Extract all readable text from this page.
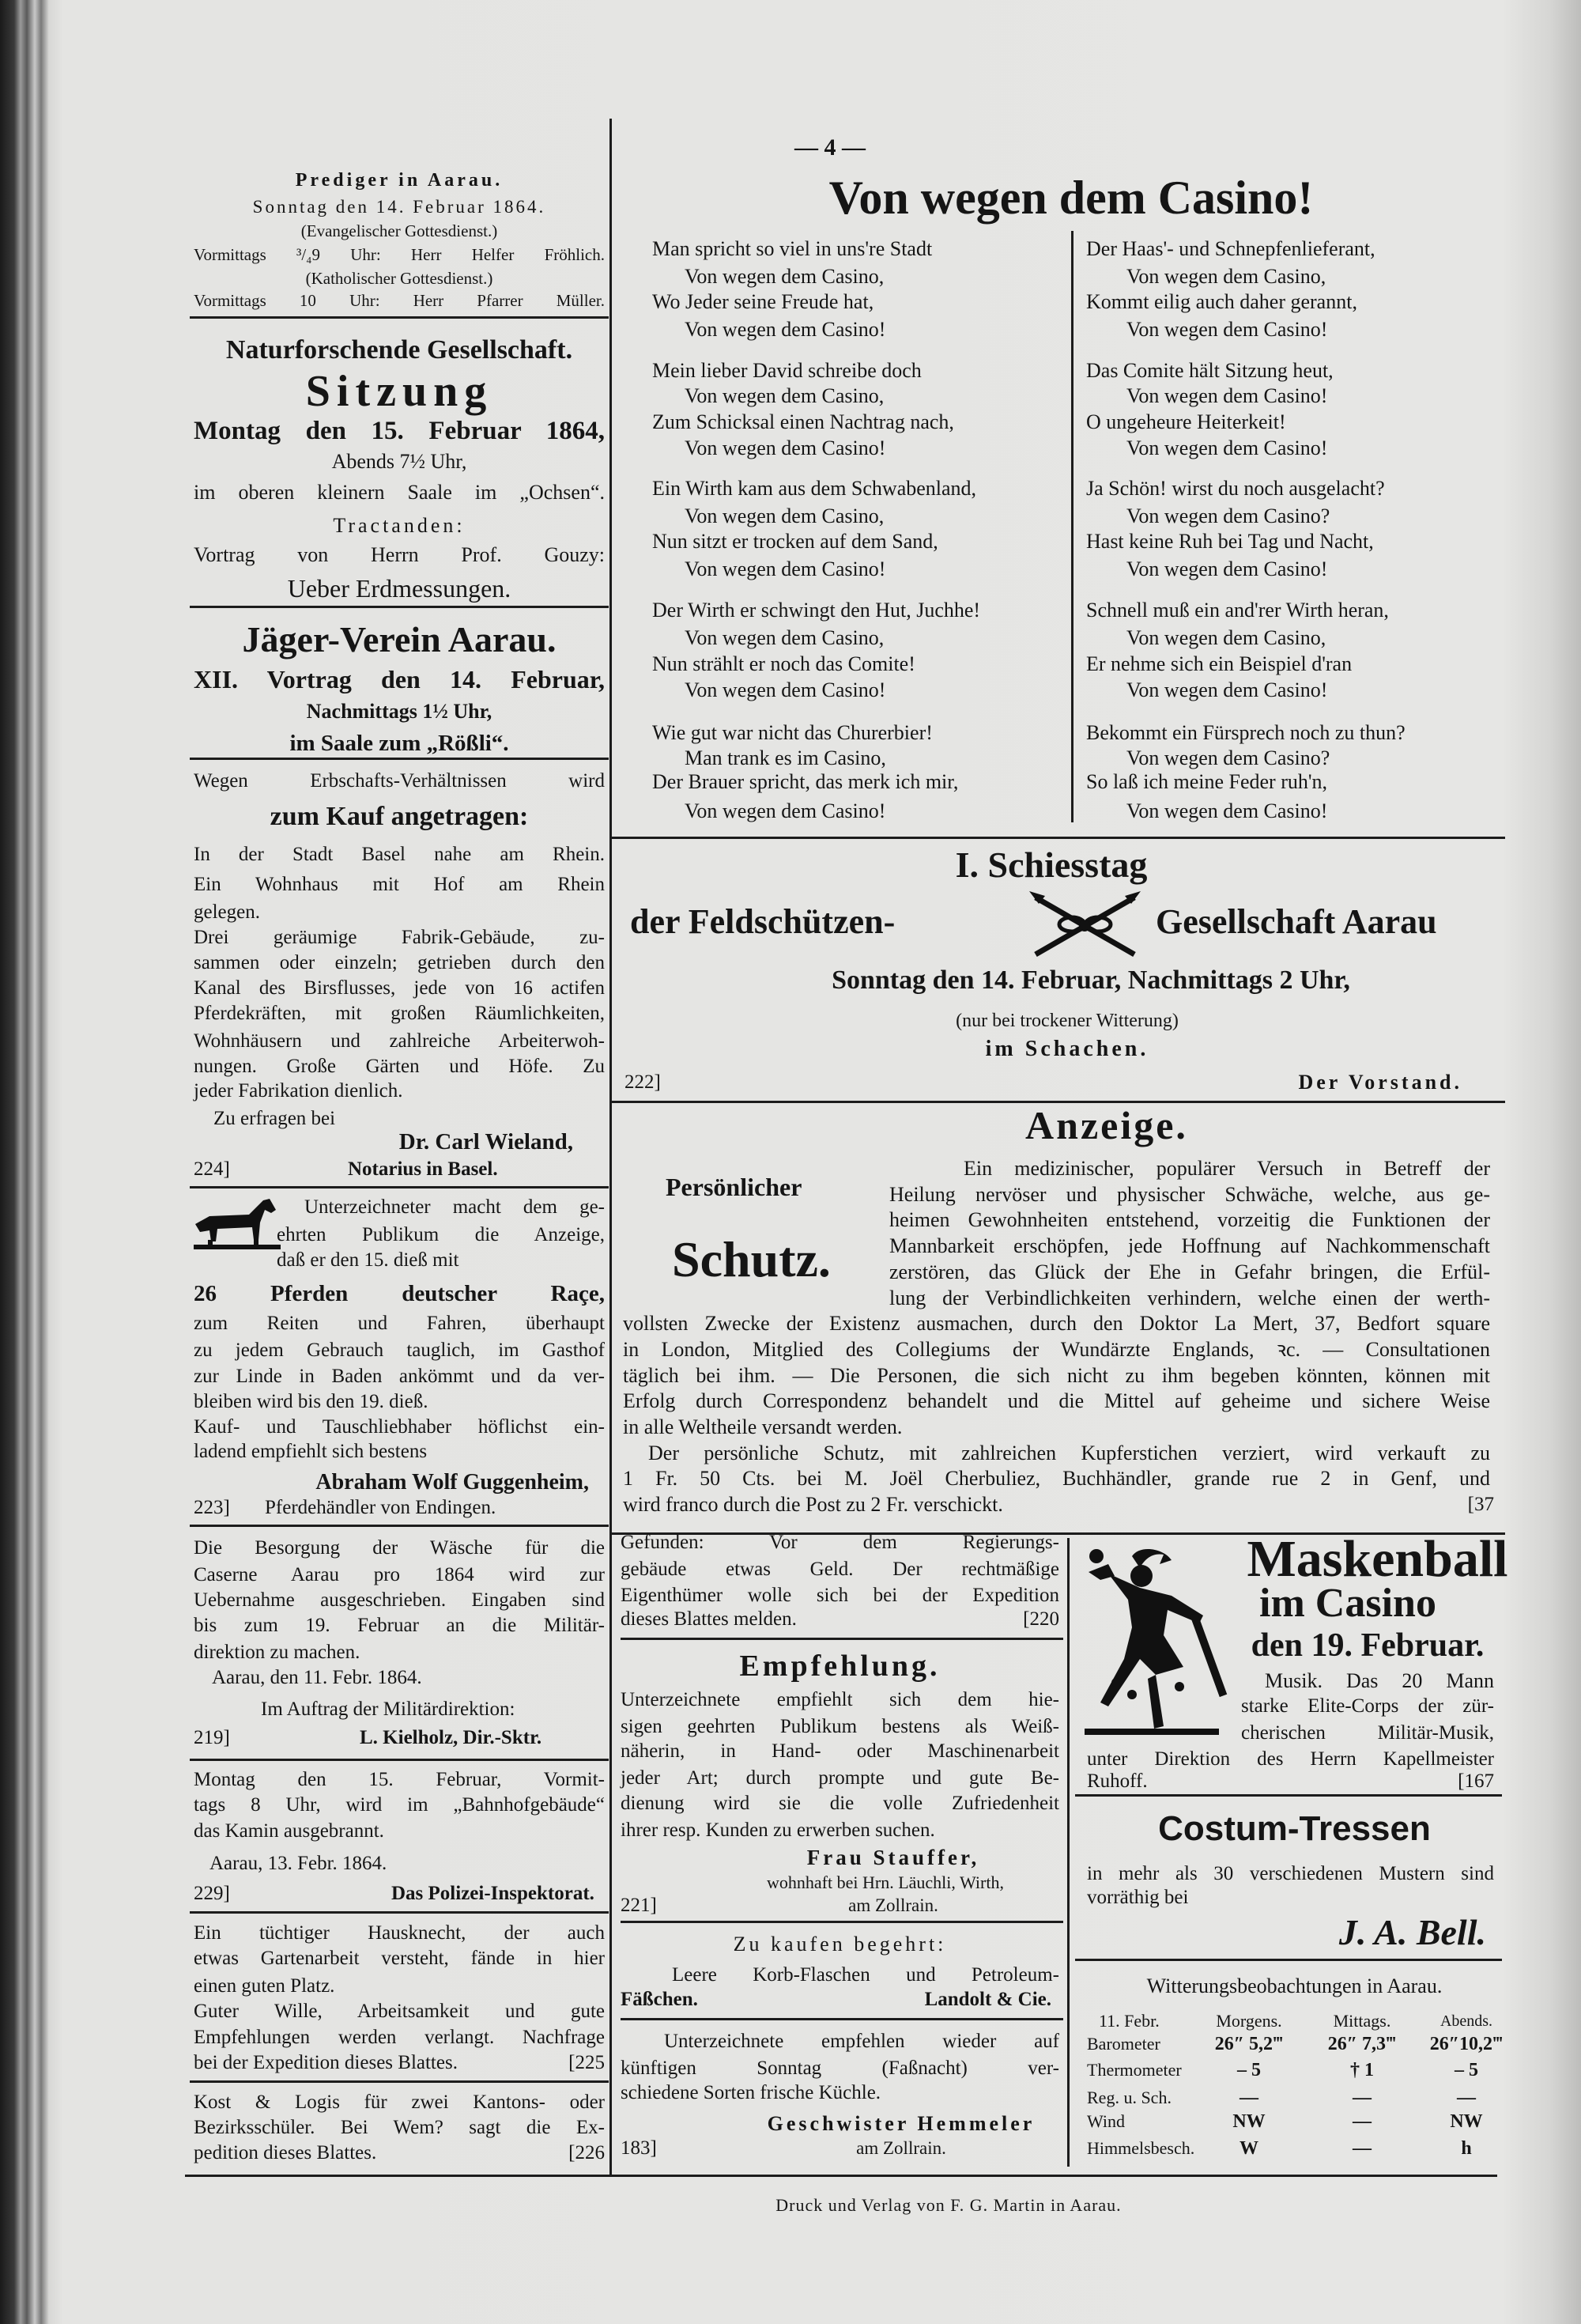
— 4 —
Prediger in Aarau.
Sonntag den 14. Februar 1864.
(Evangelischer Gottesdienst.)
Vormittags ³/₄9 Uhr: Herr Helfer Fröhlich.
(Katholischer Gottesdienst.)
Vormittags 10 Uhr: Herr Pfarrer Müller.
Naturforschende Gesellschaft.
Sitzung
Montag den 15. Februar 1864,
Abends 7½ Uhr,
im oberen kleinern Saale im „Ochsen“.
Tractanden:
Vortrag von Herrn Prof. Gouzy:
Ueber Erdmessungen.
Jäger-Verein Aarau.
XII. Vortrag den 14. Februar,
Nachmittags 1½ Uhr,
im Saale zum „Rößli“.
Wegen Erbschafts-Verhältnissen wird
zum Kauf angetragen:
In der Stadt Basel nahe am Rhein.
Ein Wohnhaus mit Hof am Rhein
gelegen.
Drei geräumige Fabrik-Gebäude, zu-
sammen oder einzeln; getrieben durch den
Kanal des Birsflusses, jede von 16 actifen
Pferdekräften, mit großen Räumlichkeiten,
Wohnhäusern und zahlreiche Arbeiterwoh-
nungen. Große Gärten und Höfe. Zu
jeder Fabrikation dienlich.
Zu erfragen bei
Dr. Carl Wieland,
Notarius in Basel.
224]
Unterzeichneter macht dem ge-
ehrten Publikum die Anzeige,
daß er den 15. dieß mit
26 Pferden deutscher Raçe,
zum Reiten und Fahren, überhaupt
zu jedem Gebrauch tauglich, im Gasthof
zur Linde in Baden ankömmt und da ver-
bleiben wird bis den 19. dieß.
Kauf- und Tauschliebhaber höflichst ein-
ladend empfiehlt sich bestens
Abraham Wolf Guggenheim,
Pferdehändler von Endingen.
223]
Die Besorgung der Wäsche für die
Caserne Aarau pro 1864 wird zur
Uebernahme ausgeschrieben. Eingaben sind
bis zum 19. Februar an die Militär-
direktion zu machen.
Aarau, den 11. Febr. 1864.
Im Auftrag der Militärdirektion:
L. Kielholz, Dir.-Sktr.
219]
Montag den 15. Februar, Vormit-
tags 8 Uhr, wird im „Bahnhofgebäude“
das Kamin ausgebrannt.
Aarau, 13. Febr. 1864.
Das Polizei-Inspektorat.
229]
Ein tüchtiger Hausknecht, der auch
etwas Gartenarbeit versteht, fände in hier
einen guten Platz.
Guter Wille, Arbeitsamkeit und gute
Empfehlungen werden verlangt. Nachfrage
bei der Expedition dieses Blattes.	[225
Kost & Logis für zwei Kantons- oder
Bezirksschüler. Bei Wem? sagt die Ex-
pedition dieses Blattes.	[226
Von wegen dem Casino!
Man spricht so viel in uns're Stadt
Von wegen dem Casino,
Wo Jeder seine Freude hat,
Von wegen dem Casino!
Mein lieber David schreibe doch
Von wegen dem Casino,
Zum Schicksal einen Nachtrag nach,
Von wegen dem Casino!
Ein Wirth kam aus dem Schwabenland,
Von wegen dem Casino,
Nun sitzt er trocken auf dem Sand,
Von wegen dem Casino!
Der Wirth er schwingt den Hut, Juchhe!
Von wegen dem Casino,
Nun strählt er noch das Comite!
Von wegen dem Casino!
Wie gut war nicht das Churerbier!
Man trank es im Casino,
Der Brauer spricht, das merk ich mir,
Von wegen dem Casino!
Der Haas'- und Schnepfenlieferant,
Von wegen dem Casino,
Kommt eilig auch daher gerannt,
Von wegen dem Casino!
Das Comite hält Sitzung heut,
Von wegen dem Casino!
O ungeheure Heiterkeit!
Von wegen dem Casino!
Ja Schön! wirst du noch ausgelacht?
Von wegen dem Casino?
Hast keine Ruh bei Tag und Nacht,
Von wegen dem Casino!
Schnell muß ein and'rer Wirth heran,
Von wegen dem Casino,
Er nehme sich ein Beispiel d'ran
Von wegen dem Casino!
Bekommt ein Fürsprech noch zu thun?
Von wegen dem Casino?
So laß ich meine Feder ruh'n,
Von wegen dem Casino!
I. Schiesstag
der Feldschützen-	Gesellschaft Aarau
Sonntag den 14. Februar, Nachmittags 2 Uhr,
(nur bei trockener Witterung)
im Schachen.
222]	Der Vorstand.
Persönlicher
Schutz.
Anzeige.
Ein medizinischer, populärer Versuch in Betreff der
Heilung nervöser und physischer Schwäche, welche, aus ge-
heimen Gewohnheiten entstehend, vorzeitig die Funktionen der
Mannbarkeit erschöpfen, jede Hoffnung auf Nachkommenschaft
zerstören, das Glück der Ehe in Gefahr bringen, die Erfül-
lung der Verbindlichkeiten verhindern, welche einen der werth-
vollsten Zwecke der Existenz ausmachen, durch den Doktor La Mert, 37, Bedfort square
in London, Mitglied des Collegiums der Wundärzte Englands, ꝛc. — Consultationen
täglich bei ihm. — Die Personen, die sich nicht zu ihm begeben könnten, können mit
Erfolg durch Correspondenz behandelt und die Mittel auf geheime und sichere Weise
in alle Weltheile versandt werden.
Der persönliche Schutz, mit zahlreichen Kupferstichen verziert, wird verkauft zu
1 Fr. 50 Cts. bei M. Joël Cherbuliez, Buchhändler, grande rue 2 in Genf, und
wird franco durch die Post zu 2 Fr. verschickt.	[37
Gefunden: Vor dem Regierungs-
gebäude etwas Geld. Der rechtmäßige
Eigenthümer wolle sich bei der Expedition
dieses Blattes melden.	[220
Empfehlung.
Unterzeichnete empfiehlt sich dem hie-
sigen geehrten Publikum bestens als Weiß-
näherin, in Hand- oder Maschinenarbeit
jeder Art; durch prompte und gute Be-
dienung wird sie die volle Zufriedenheit
ihrer resp. Kunden zu erwerben suchen.
Frau Stauffer,
wohnhaft bei Hrn. Läuchli, Wirth,
am Zollrain.
221]
Zu kaufen begehrt:
Leere Korb-Flaschen und Petroleum-
Fäßchen.	Landolt & Cie.
Unterzeichnete empfehlen wieder auf
künftigen Sonntag (Faßnacht) ver-
schiedene Sorten frische Küchle.
Geschwister Hemmeler
am Zollrain.
183]
Maskenball
im Casino
den 19. Februar.
Musik. Das 20 Mann
starke Elite-Corps der zür-
cherischen Militär-Musik,
unter Direktion des Herrn Kapellmeister
Ruhoff.	[167
Costum-Tressen
in mehr als 30 verschiedenen Mustern sind
vorräthig bei
J. A. Bell.
Witterungsbeobachtungen in Aarau.
11. Febr.	Morgens.	Mittags.	Abends.
Barometer	26″ 5,2‴	26″ 7,3‴	26″10,2‴
Thermometer	– 5	† 1	– 5
Reg. u. Sch.	—	—	—
Wind	NW	—	NW
Himmelsbesch.	W	—	h
Druck und Verlag von F. G. Martin in Aarau.
